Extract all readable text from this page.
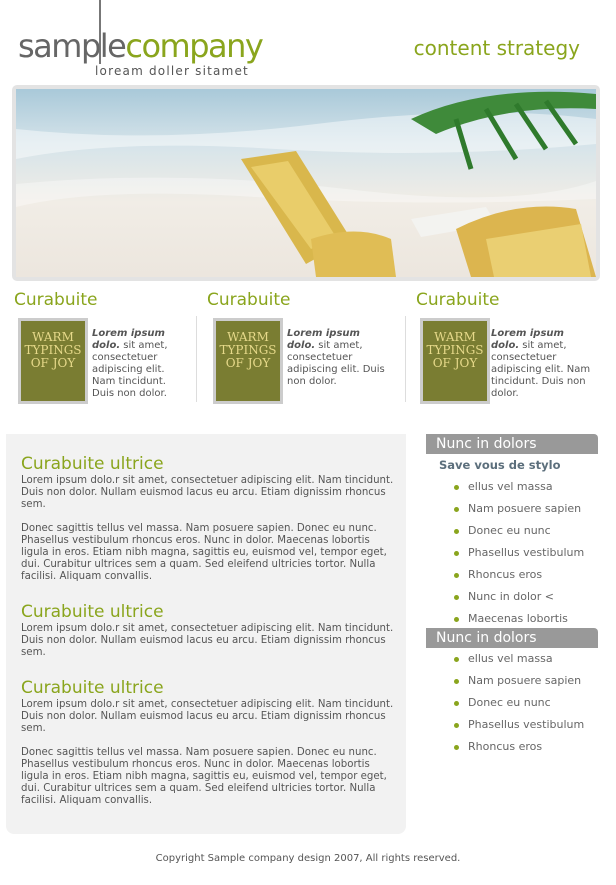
samplecompany
loream doller sitamet
content strategy
Curabuite
WARM
TYPINGS
OF JOY

Lorem ipsum dolo. sit amet, consectetuer adipiscing elit. Nam tincidunt. Duis non dolor.

Curabuite
WARM
TYPINGS
OF JOY

Lorem ipsum dolo. sit amet, consectetuer adipiscing elit. Duis non dolor.

Curabuite
WARM
TYPINGS
OF JOY

Lorem ipsum dolo. sit amet, consectetuer adipiscing elit. Nam tincidunt. Duis non dolor.

Curabuite ultrice

Lorem ipsum dolo.r sit amet, consectetuer adipiscing elit. Nam tincidunt. Duis non dolor. Nullam euismod lacus eu arcu. Etiam dignissim rhoncus sem.

Donec sagittis tellus vel massa. Nam posuere sapien. Donec eu nunc. Phasellus vestibulum rhoncus eros. Nunc in dolor. Maecenas lobortis ligula in eros. Etiam nibh magna, sagittis eu, euismod vel, tempor eget, dui. Curabitur ultrices sem a quam. Sed eleifend ultricies tortor. Nulla facilisi. Aliquam convallis.

Curabuite ultrice

Lorem ipsum dolo.r sit amet, consectetuer adipiscing elit. Nam tincidunt. Duis non dolor. Nullam euismod lacus eu arcu. Etiam dignissim rhoncus sem.

Curabuite ultrice

Lorem ipsum dolo.r sit amet, consectetuer adipiscing elit. Nam tincidunt. Duis non dolor. Nullam euismod lacus eu arcu. Etiam dignissim rhoncus sem.

Donec sagittis tellus vel massa. Nam posuere sapien. Donec eu nunc. Phasellus vestibulum rhoncus eros. Nunc in dolor. Maecenas lobortis ligula in eros. Etiam nibh magna, sagittis eu, euismod vel, tempor eget, dui. Curabitur ultrices sem a quam. Sed eleifend ultricies tortor. Nulla facilisi. Aliquam convallis.

Nunc in dolors
Save vous de stylo
ellus vel massa
Nam posuere sapien
Donec eu nunc
Phasellus vestibulum
Rhoncus eros
Nunc in dolor <
Maecenas lobortis
Nunc in dolors
ellus vel massa
Nam posuere sapien
Donec eu nunc
Phasellus vestibulum
Rhoncus eros
Copyright Sample company design 2007, All rights reserved.
